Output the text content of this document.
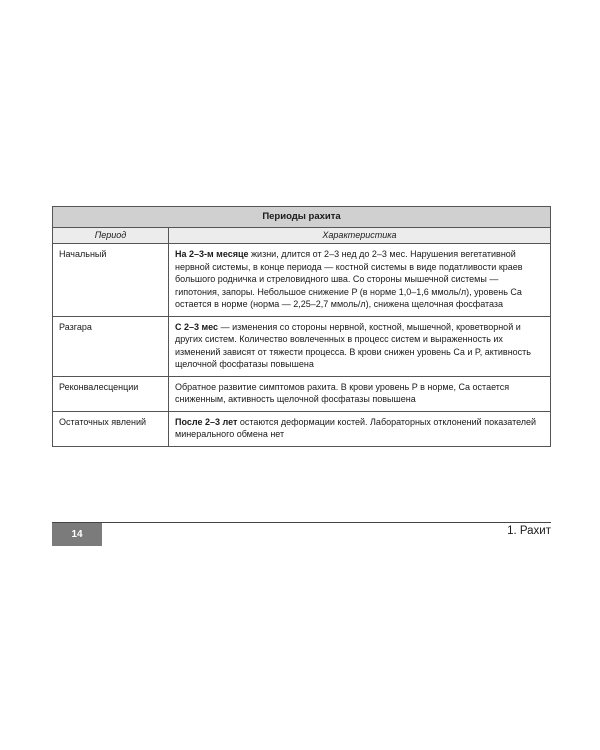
Периоды рахита	
Период	Характеристика
Начальный	На 2–3-м месяце жизни, длится от 2–3 нед до 2–3 мес. Нарушения вегетативной нервной системы, в конце периода — костной системы в виде податливости краев большого родничка и стреловидного шва. Со стороны мышечной системы — гипотония, запоры. Небольшое снижение P (в норме 1,0–1,6 ммоль/л), уровень Ca остается в норме (норма — 2,25–2,7 ммоль/л), снижена щелочная фосфатаза
Разгара	С 2–3 мес — изменения со стороны нервной, костной, мышечной, кроветворной и других систем. Количество вовлеченных в процесс систем и выраженность их изменений зависят от тяжести процесса. В крови снижен уровень Ca и P, активность щелочной фосфатазы повышена
Реконвалесценции	Обратное развитие симптомов рахита. В крови уровень P в норме, Ca остается сниженным, активность щелочной фосфатазы повышена
Остаточных явлений	После 2–3 лет остаются деформации костей. Лабораторных отклонений показателей минерального обмена нет
14	1. Рахит
